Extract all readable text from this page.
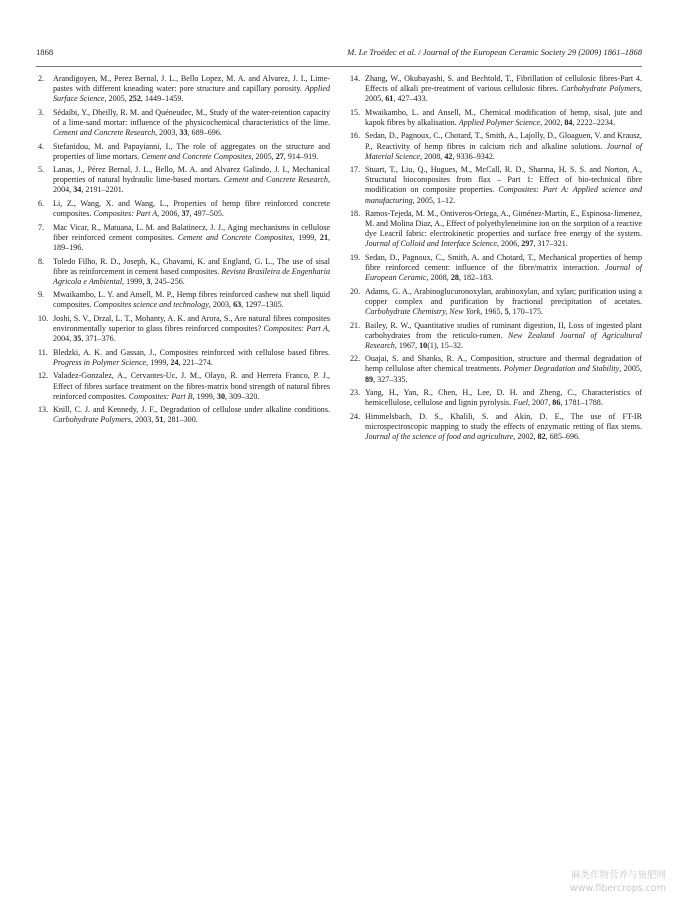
1868	M. Le Troëdec et al. / Journal of the European Ceramic Society 29 (2009) 1861–1868
2. Arandigoyen, M., Perez Bernal, J. L., Bello Lopez, M. A. and Alvarez, J. I., Lime-pastes with different kneading water: pore structure and capillary porosity. Applied Surface Science, 2005, 252, 1449–1459.
3. Sédaïbi, Y., Dheilly, R. M. and Quéneudec, M., Study of the water-retention capacity of a lime-sand mortar: influence of the physicochemical characteristics of the lime. Cement and Concrete Research, 2003, 33, 689–696.
4. Stefanidou, M. and Papayianni, I., The role of aggregates on the structure and properties of lime mortars. Cement and Concrete Composites, 2005, 27, 914–919.
5. Lanas, J., Pérez Bernal, J. L., Bello, M. A. and Alvarez Galindo, J. I., Mechanical properties of natural hydraulic lime-based mortars. Cement and Concrete Research, 2004, 34, 2191–2201.
6. Li, Z., Wang, X. and Wang, L., Properties of hemp fibre reinforced concrete composites. Composites: Part A, 2006, 37, 497–505.
7. Mac Vicar, R., Matuana, L. M. and Balatinecz, J. J., Aging mechanisms in cellulose fiber reinforced cement composites. Cement and Concrete Composites, 1999, 21, 189–196.
8. Toledo Filho, R. D., Joseph, K., Ghavami, K. and England, G. L., The use of sisal fibre as reinforcement in cement based composites. Revista Brasileira de Engenharia Agricola e Ambiental, 1999, 3, 245–256.
9. Mwaikambo, L. Y. and Ansell, M. P., Hemp fibres reinforced cashew nut shell liquid composites. Composites science and technology, 2003, 63, 1297–1305.
10. Joshi, S. V., Drzal, L. T., Mohanty, A. K. and Arora, S., Are natural fibres composites environmentally superior to glass fibres reinforced composites? Composites: Part A, 2004, 35, 371–376.
11. Bledzki, A. K. and Gassan, J., Composites reinforced with cellulose based fibres. Progress in Polymer Science, 1999, 24, 221–274.
12. Valadez-Gonzalez, A., Cervantes-Uc, J. M., Olayo, R. and Herrera Franco, P. J., Effect of fibres surface treatment on the fibres-matrix bond strength of natural fibres reinforced composites. Composites: Part B, 1999, 30, 309–320.
13. Knill, C. J. and Kennedy, J. F., Degradation of cellulose under alkaline conditions. Carbohydrate Polymers, 2003, 51, 281–300.
14. Zhang, W., Okubayashi, S. and Bechtold, T., Fibrillation of cellulosic fibres-Part 4. Effects of alkali pre-treatment of various cellulosic fibres. Carbohydrate Polymers, 2005, 61, 427–433.
15. Mwaikambo, L. and Ansell, M., Chemical modification of hemp, sisal, jute and kapok fibres by alkalisation. Applied Polymer Science, 2002, 84, 2222–2234.
16. Sedan, D., Pagnoux, C., Chotard, T., Smith, A., Lajolly, D., Gloaguen, V. and Krausz, P., Reactivity of hemp fibres in calcium rich and alkaline solutions. Journal of Material Science, 2008, 42, 9336–9342.
17. Stuart, T., Liu, Q., Hugues, M., McCall, R. D., Sharma, H. S. S. and Norton, A., Structural biocomposites from flax – Part 1: Effect of bio-technical fibre modification on composite properties. Composites: Part A: Applied science and manufacturing, 2005, 1–12.
18. Ramos-Tejeda, M. M., Ontiveros-Ortega, A., Giménez-Martin, E., Espinosa-Jimenez, M. and Molina Diaz, A., Effect of polyethyleneimine ion on the sorption of a reactive dye Leacril fabric: electrokinetic properties and surface free energy of the system. Journal of Colloid and Interface Science, 2006, 297, 317–321.
19. Sedan, D., Pagnoux, C., Smith, A. and Chotard, T., Mechanical properties of hemp fibre reinforced cement: influence of the fibre/matrix interaction. Journal of European Ceramic, 2008, 28, 182–183.
20. Adams, G. A., Arabinoglucuronoxylan, arabinoxylan, and xylan; purification using a copper complex and purification by fractional precipitation of acetates. Carbohydrate Chemistry, New York, 1965, 5, 170–175.
21. Bailey, R. W., Quantitative studies of ruminant digestion, II, Loss of ingested plant carbohydrates from the reticulo-rumen. New Zealand Journal of Agricultural Research, 1967, 10(1), 15–32.
22. Ouajai, S. and Shanks, R. A., Composition, structure and thermal degradation of hemp cellulose after chemical treatments. Polymer Degradation and Stability, 2005, 89, 327–335.
23. Yang, H., Yan, R., Chen, H., Lee, D. H. and Zheng, C., Characteristics of hemicellulose, cellulose and lignin pyrolysis. Fuel, 2007, 86, 1781–1788.
24. Himmelsbach, D. S., Khalili, S. and Akin, D. E., The use of FT-IR microspectroscopic mapping to study the effects of enzymatic retting of flax stems. Journal of the science of food and agriculture, 2002, 82, 685–696.
麻类作物营养与施肥网
www.fibercrops.com
